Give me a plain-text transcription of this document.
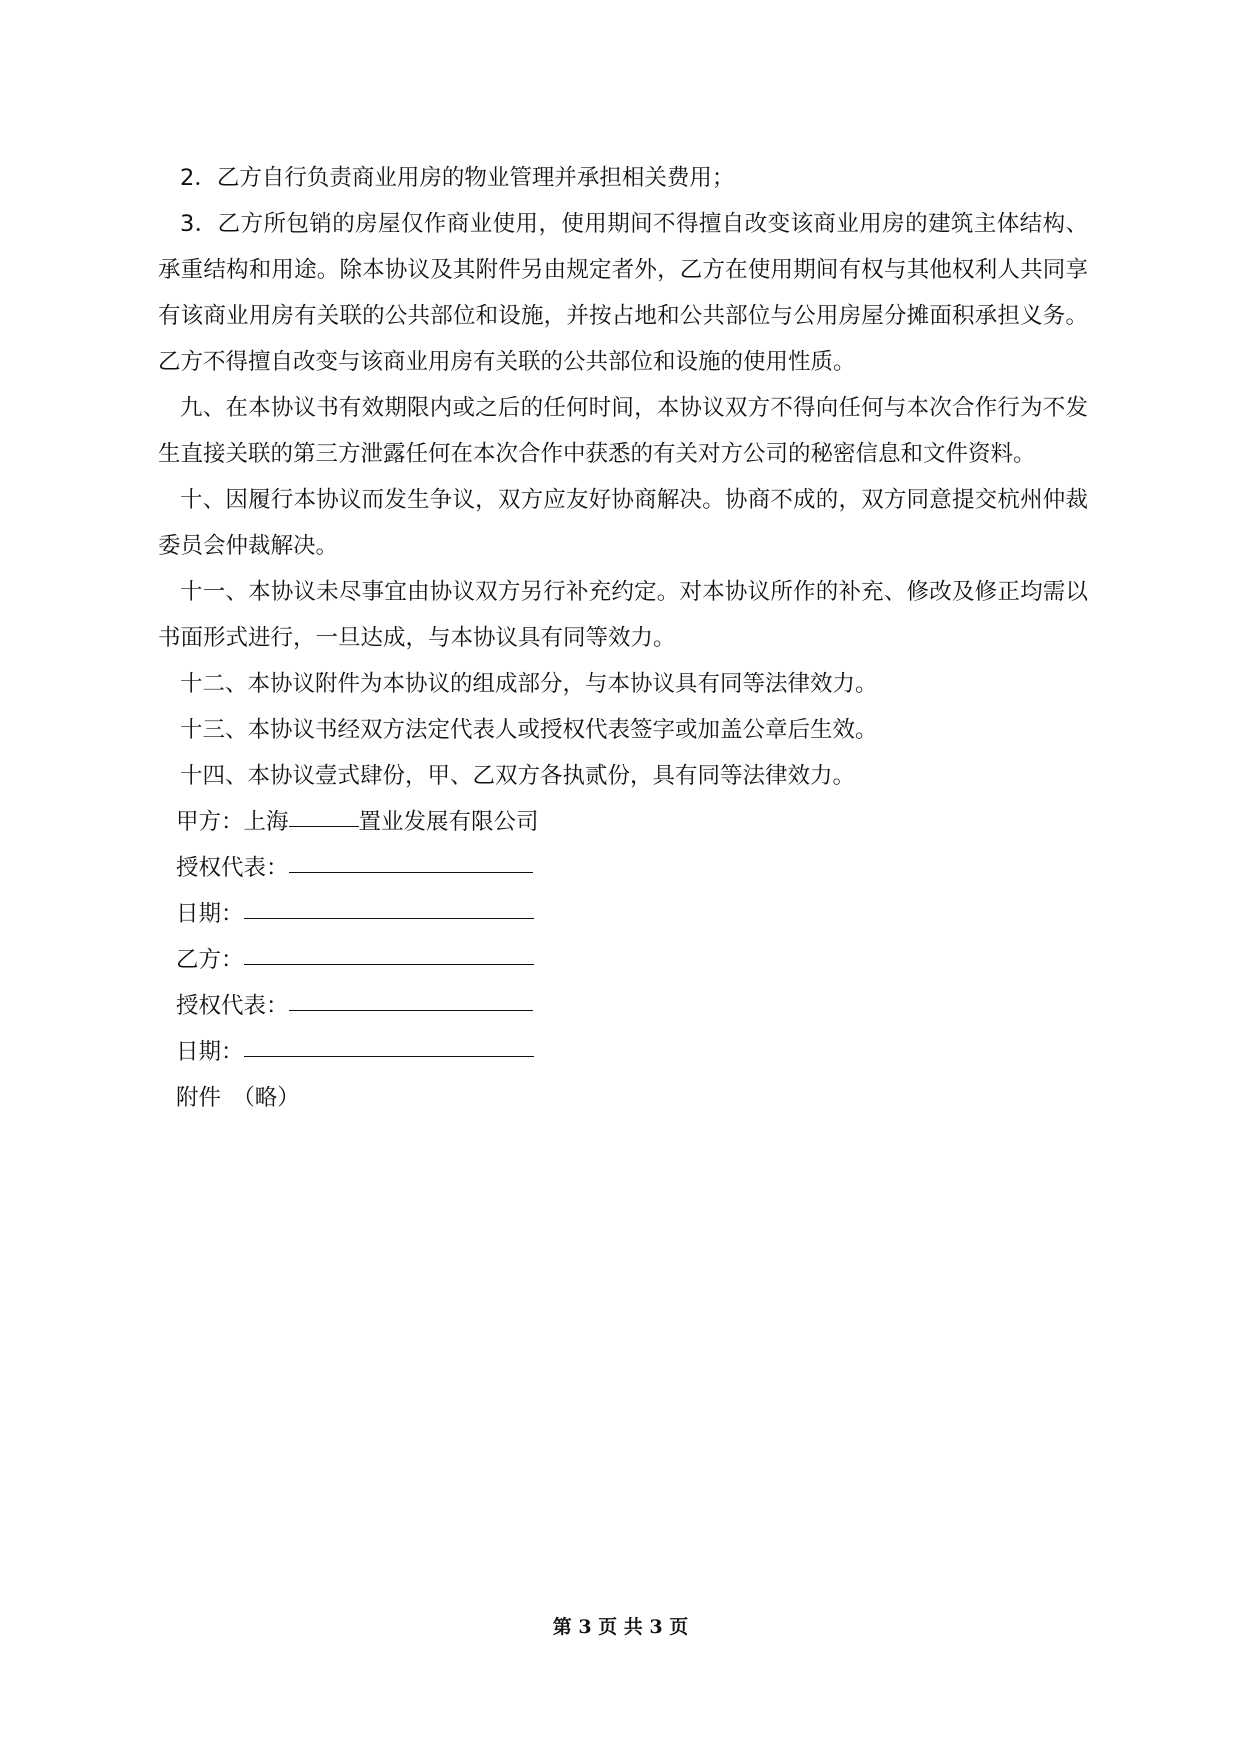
2．乙方自行负责商业用房的物业管理并承担相关费用；

3．乙方所包销的房屋仅作商业使用，使用期间不得擅自改变该商业用房的建筑主体结构、承重结构和用途。除本协议及其附件另由规定者外，乙方在使用期间有权与其他权利人共同享有该商业用房有关联的公共部位和设施，并按占地和公共部位与公用房屋分摊面积承担义务。乙方不得擅自改变与该商业用房有关联的公共部位和设施的使用性质。

九、在本协议书有效期限内或之后的任何时间，本协议双方不得向任何与本次合作行为不发生直接关联的第三方泄露任何在本次合作中获悉的有关对方公司的秘密信息和文件资料。

十、因履行本协议而发生争议，双方应友好协商解决。协商不成的，双方同意提交杭州仲裁委员会仲裁解决。

十一、本协议未尽事宜由协议双方另行补充约定。对本协议所作的补充、修改及修正均需以书面形式进行，一旦达成，与本协议具有同等效力。

十二、本协议附件为本协议的组成部分，与本协议具有同等法律效力。

十三、本协议书经双方法定代表人或授权代表签字或加盖公章后生效。

十四、本协议壹式肆份，甲、乙双方各执贰份，具有同等法律效力。

甲方：上海	置业发展有限公司
授权代表：
日期：
乙方：
授权代表：
日期：
附件　（略）
第 3 页 共 3 页
